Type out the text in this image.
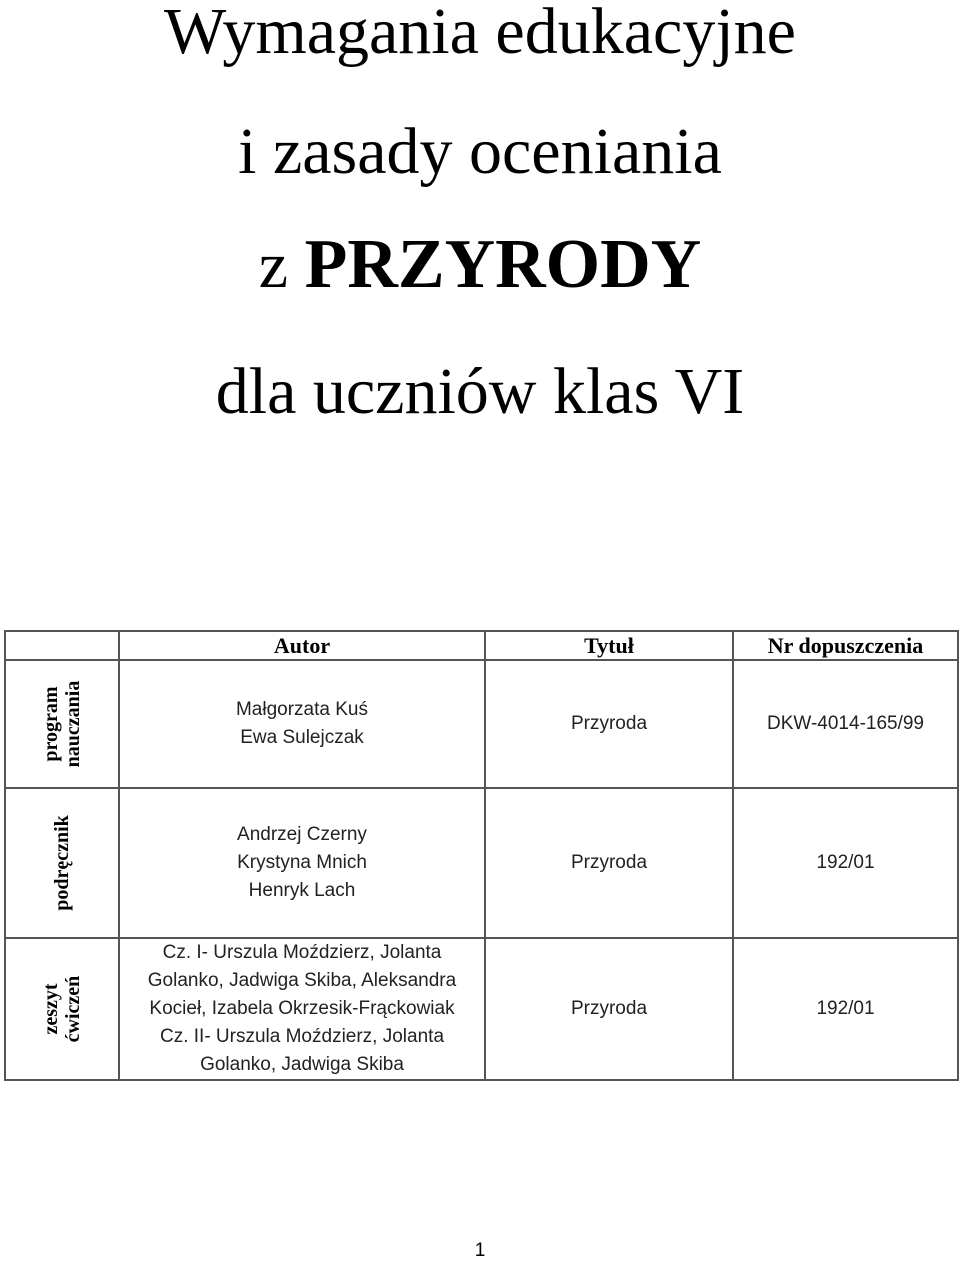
Wymagania edukacyjne
i zasady oceniania
z PRZYRODY
dla uczniów klas VI
	Autor	Tytuł	Nr dopuszczenia

program nauczania	Małgorzata Kuś
Ewa Sulejczak	Przyroda	DKW-4014-165/99

podręcznik	Andrzej Czerny
Krystyna Mnich
Henryk Lach	Przyroda	192/01

zeszyt ćwiczeń	Cz. I- Urszula Moździerz, Jolanta
Golanko, Jadwiga Skiba, Aleksandra
Kocieł, Izabela Okrzesik-Frąckowiak
Cz. II- Urszula Moździerz, Jolanta
Golanko, Jadwiga Skiba	Przyroda	192/01
1
